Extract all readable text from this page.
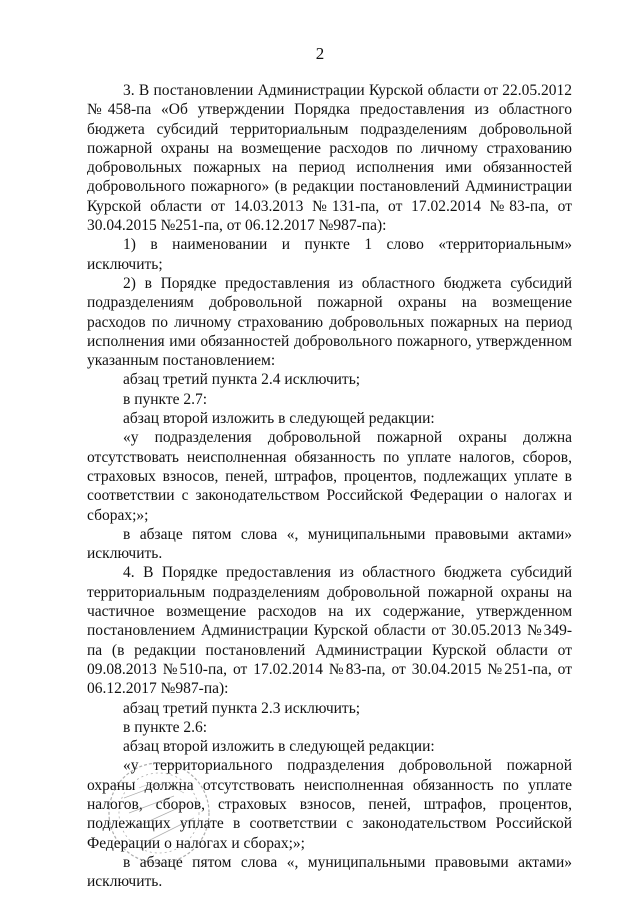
2

3. В постановлении Администрации Курской области от 22.05.2012 №458-па «Об утверждении Порядка предоставления из областного бюджета субсидий территориальным подразделениям добровольной пожарной охраны на возмещение расходов по личному страхованию добровольных пожарных на период исполнения ими обязанностей добровольного пожарного» (в редакции постановлений Администрации Курской области от 14.03.2013 №131-па, от 17.02.2014 №83-па, от 30.04.2015 №251-па, от 06.12.2017 №987-па):

1) в наименовании и пункте 1 слово «территориальным» исключить;

2) в Порядке предоставления из областного бюджета субсидий подразделениям добровольной пожарной охраны на возмещение расходов по личному страхованию добровольных пожарных на период исполнения ими обязанностей добровольного пожарного, утвержденном указанным постановлением:

абзац третий пункта 2.4 исключить;

в пункте 2.7:

абзац второй изложить в следующей редакции:

«у подразделения добровольной пожарной охраны должна отсутствовать неисполненная обязанность по уплате налогов, сборов, страховых взносов, пеней, штрафов, процентов, подлежащих уплате в соответствии с законодательством Российской Федерации о налогах и сборах;»;

в абзаце пятом слова «, муниципальными правовыми актами» исключить.

4. В Порядке предоставления из областного бюджета субсидий территориальным подразделениям добровольной пожарной охраны на частичное возмещение расходов на их содержание, утвержденном постановлением Администрации Курской области от 30.05.2013 №349-па (в редакции постановлений Администрации Курской области от 09.08.2013 №510-па, от 17.02.2014 №83-па, от 30.04.2015 №251-па, от 06.12.2017 №987-па):

абзац третий пункта 2.3 исключить;

в пункте 2.6:

абзац второй изложить в следующей редакции:

«у территориального подразделения добровольной пожарной охраны должна отсутствовать неисполненная обязанность по уплате налогов, сборов, страховых взносов, пеней, штрафов, процентов, подлежащих уплате в соответствии с законодательством Российской Федерации о налогах и сборах;»;

в абзаце пятом слова «, муниципальными правовыми актами» исключить.
